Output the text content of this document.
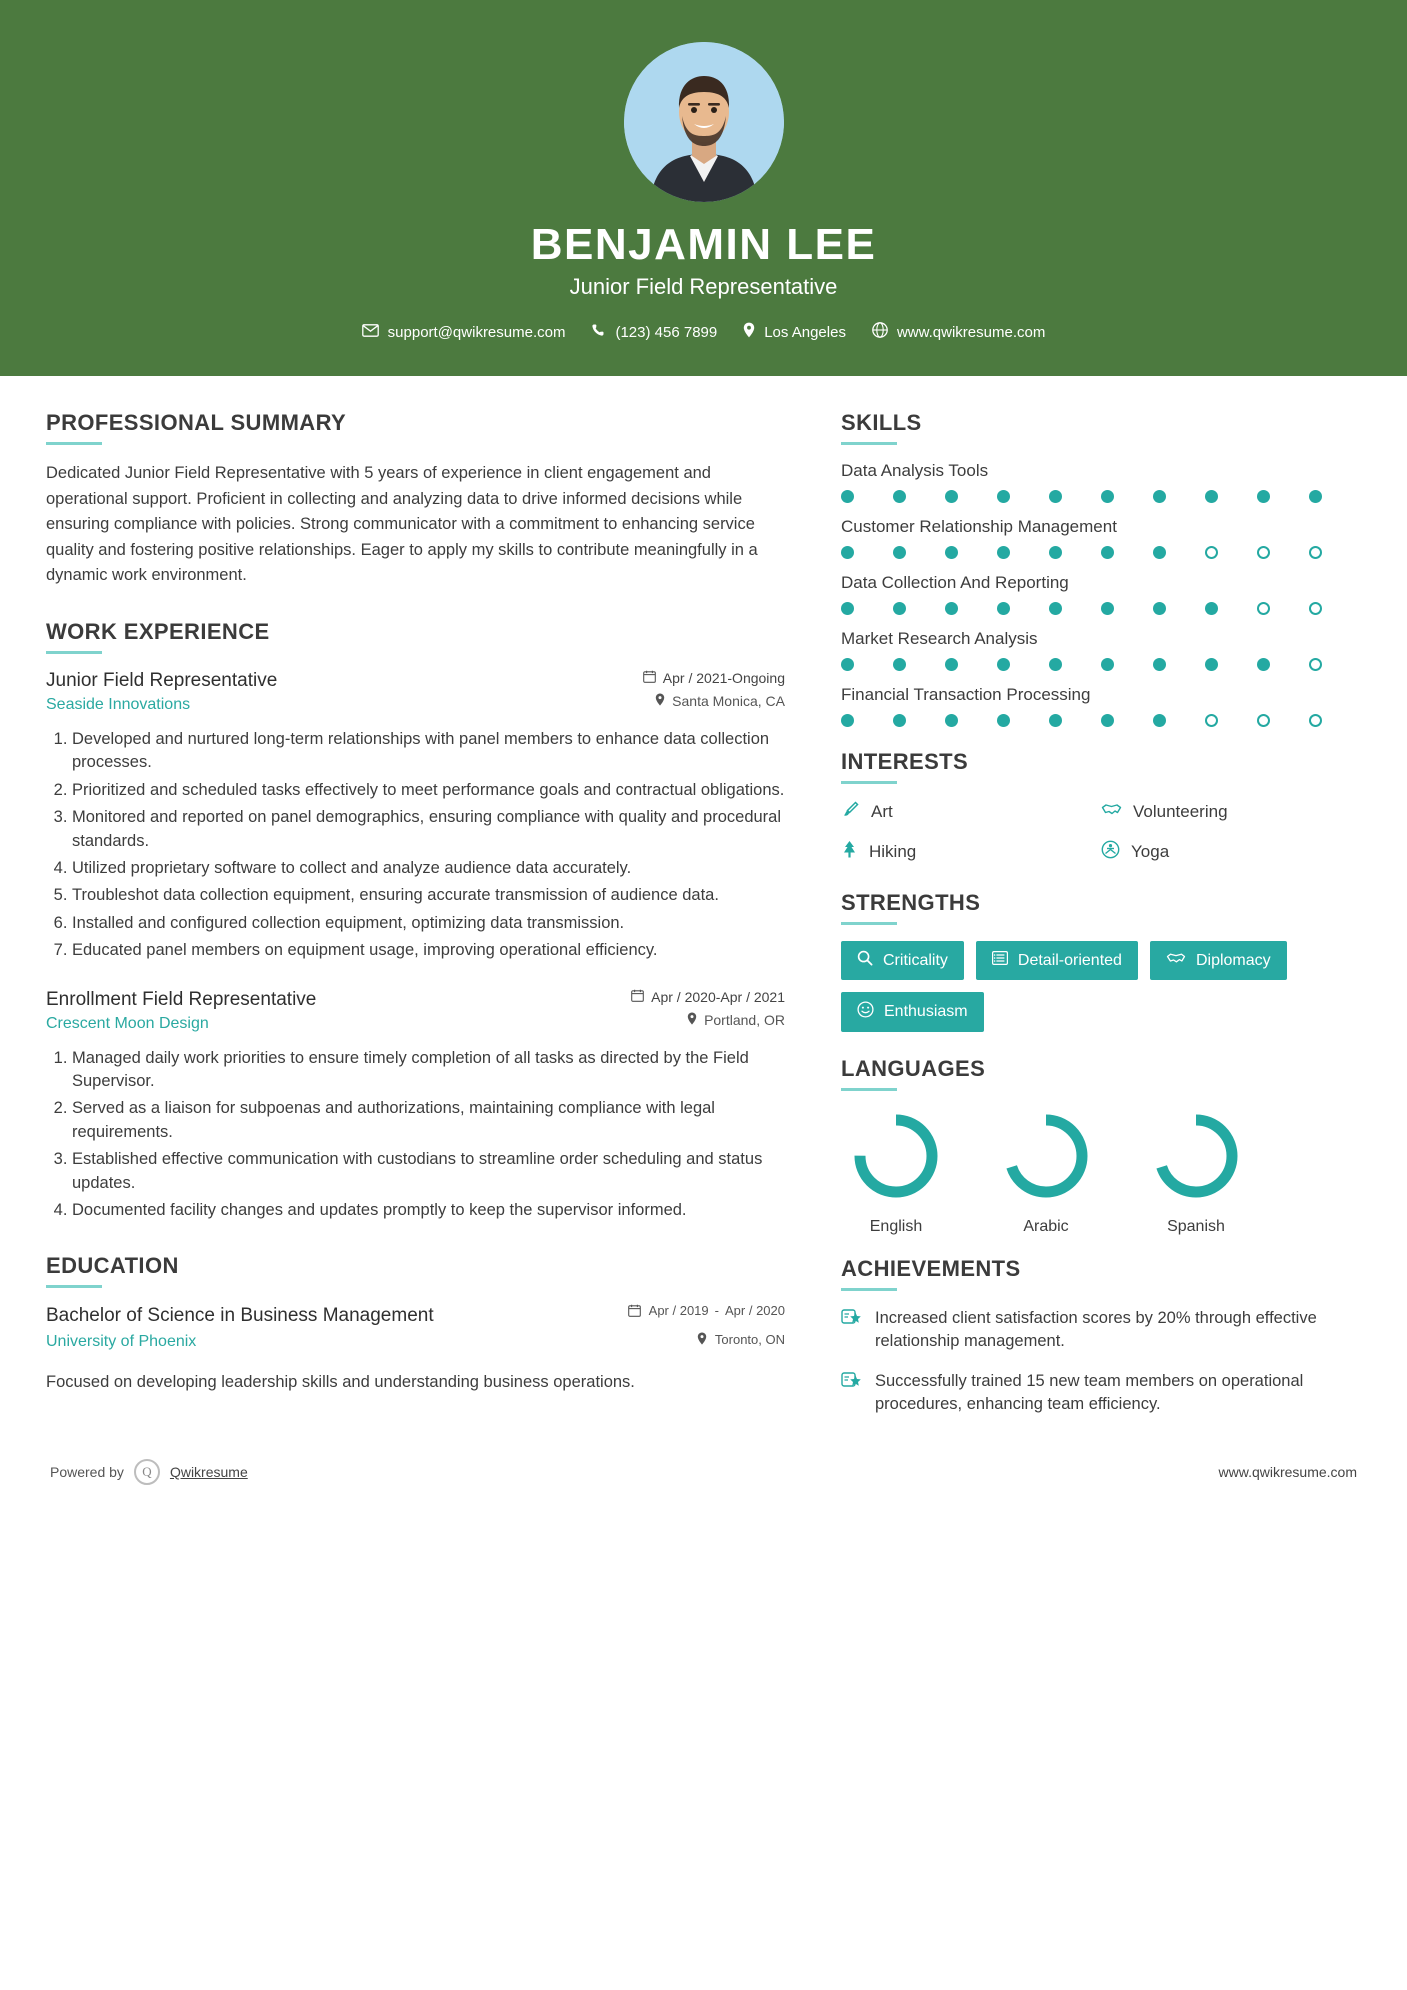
BENJAMIN LEE
Junior Field Representative
support@qwikresume.com	(123) 456 7899	Los Angeles	www.qwikresume.com
PROFESSIONAL SUMMARY

Dedicated Junior Field Representative with 5 years of experience in client engagement and operational support. Proficient in collecting and analyzing data to drive informed decisions while ensuring compliance with policies. Strong communicator with a commitment to enhancing service quality and fostering positive relationships. Eager to apply my skills to contribute meaningfully in a dynamic work environment.

WORK EXPERIENCE
Junior Field Representative
Seaside Innovations
Apr / 2021-Ongoing
Santa Monica, CA
1. Developed and nurtured long-term relationships with panel members to enhance data collection processes.
2. Prioritized and scheduled tasks effectively to meet performance goals and contractual obligations.
3. Monitored and reported on panel demographics, ensuring compliance with quality and procedural standards.
4. Utilized proprietary software to collect and analyze audience data accurately.
5. Troubleshot data collection equipment, ensuring accurate transmission of audience data.
6. Installed and configured collection equipment, optimizing data transmission.
7. Educated panel members on equipment usage, improving operational efficiency.
Enrollment Field Representative
Crescent Moon Design
Apr / 2020-Apr / 2021
Portland, OR
1. Managed daily work priorities to ensure timely completion of all tasks as directed by the Field Supervisor.
2. Served as a liaison for subpoenas and authorizations, maintaining compliance with legal requirements.
3. Established effective communication with custodians to streamline order scheduling and status updates.
4. Documented facility changes and updates promptly to keep the supervisor informed.
EDUCATION
Bachelor of Science in Business Management
University of Phoenix
Apr / 2019 - Apr / 2020
Toronto, ON

Focused on developing leadership skills and understanding business operations.

SKILLS
Data Analysis Tools
Customer Relationship Management
Data Collection And Reporting
Market Research Analysis
Financial Transaction Processing
INTERESTS
Art	Volunteering
Hiking	Yoga
STRENGTHS
Criticality	Detail-oriented	Diplomacy
Enthusiasm
LANGUAGES
English	Arabic	Spanish
ACHIEVEMENTS
Increased client satisfaction scores by 20% through effective relationship management.
Successfully trained 15 new team members on operational procedures, enhancing team efficiency.
Powered by	Q	Qwikresume	www.qwikresume.com
